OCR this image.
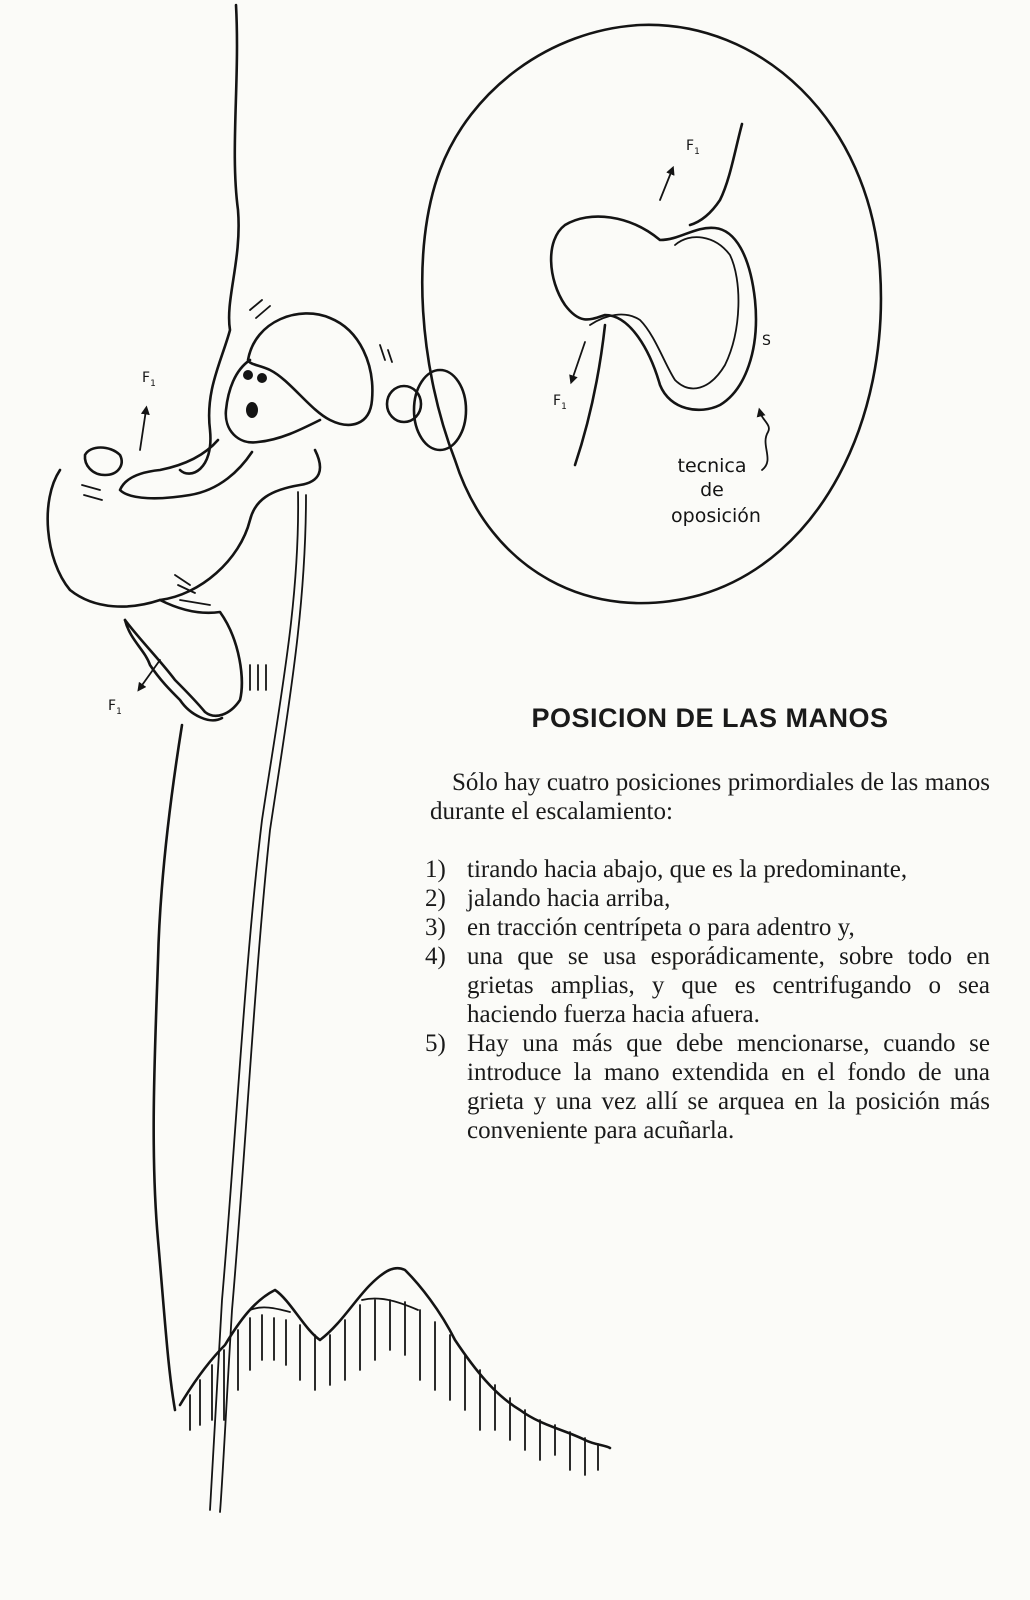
$F_1$
$F_1$
$F_1$
$F_1$
S
tecnica
de
oposición
POSICION DE LAS MANOS

Sólo hay cuatro posiciones primordiales de las manos durante el escalamiento:

1) tirando hacia abajo, que es la predominante,
2) jalando hacia arriba,
3) en tracción centrípeta o para adentro y,
4) una que se usa esporádicamente, sobre todo en grietas amplias, y que es centrifugando o sea haciendo fuerza hacia afuera.
5) Hay una más que debe mencionarse, cuando se introduce la mano extendida en el fondo de una grieta y una vez allí se arquea en la posición más conveniente para acuñarla.
